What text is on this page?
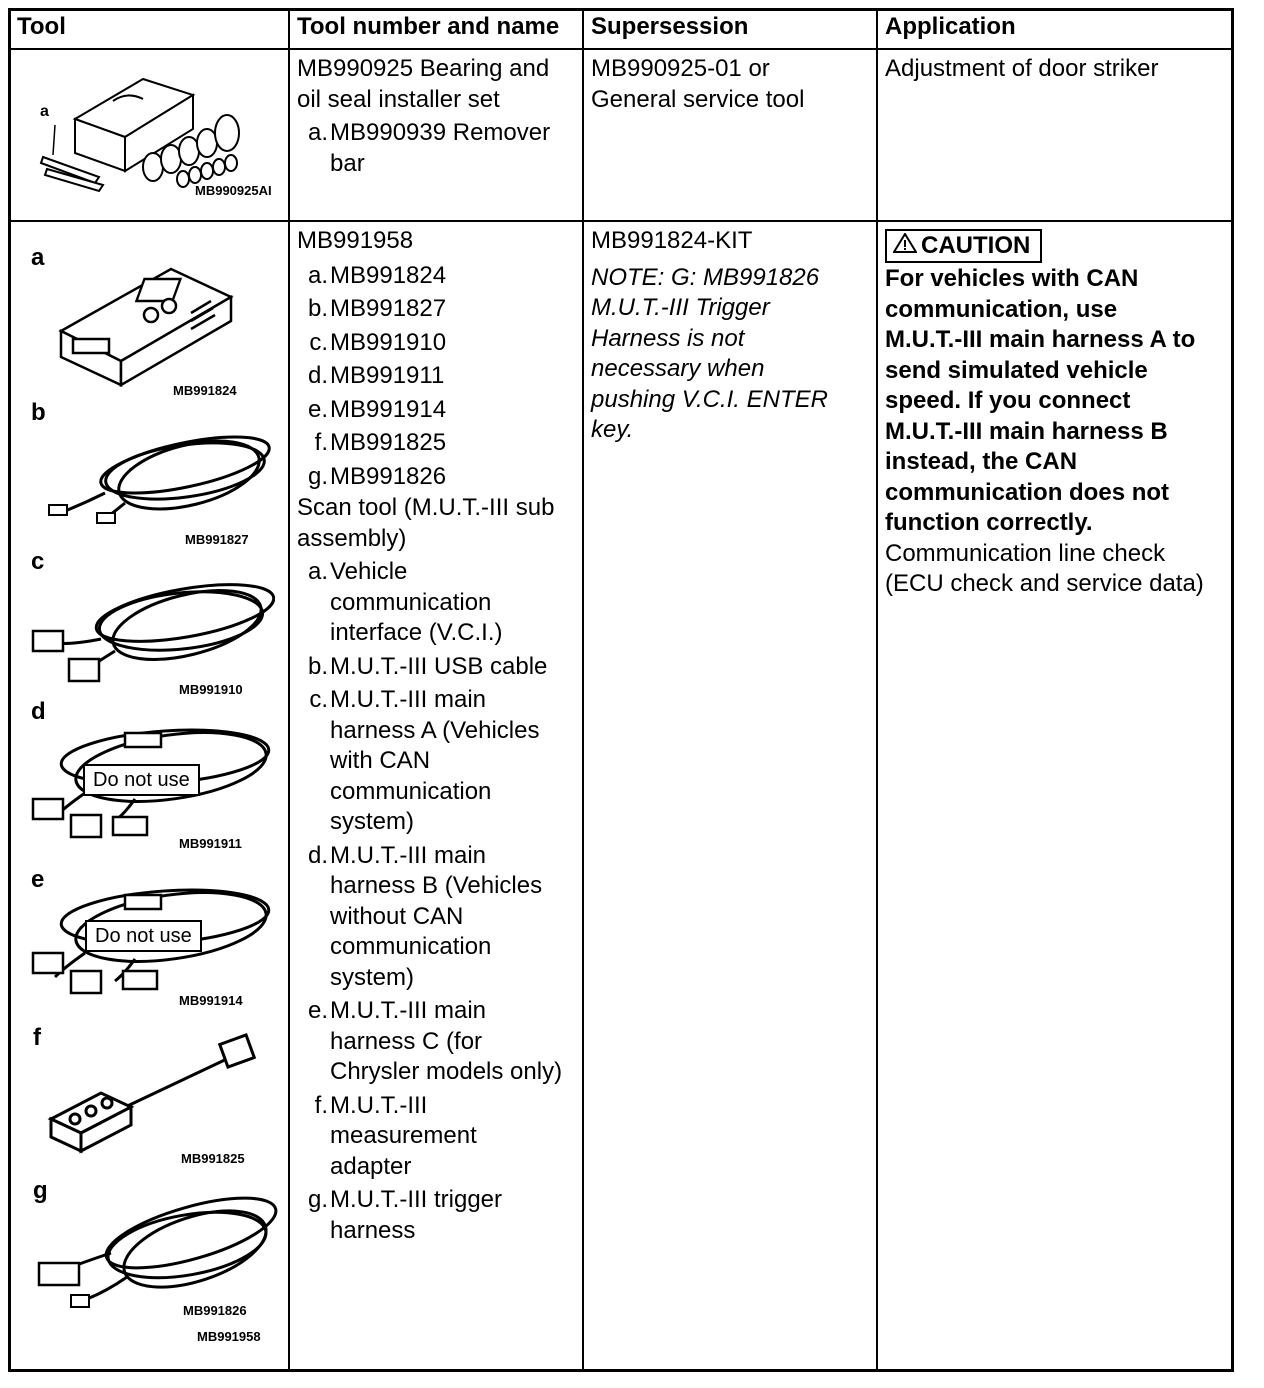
Tool	Tool number and name Supersession	Application
a
MB990925AI
MB990925 Bearing and
oil seal installer set
a. MB990939 Remover bar
MB990925-01 or General service tool
Adjustment of door striker
a
MB991824
b
MB991827
c
MB991910
d
Do not use
MB991911
e
Do not use
MB991914
f
MB991825
g
MB991826
MB991958
MB991958
a. MB991824
b. MB991827
c. MB991910
d. MB991911
e. MB991914
f. MB991825
g. MB991826
Scan tool (M.U.T.-III sub
assembly)
a. Vehicle
communication
interface (V.C.I.)
b. M.U.T.-III USB cable
c. M.U.T.-III main
harness A (Vehicles
with CAN
communication
system)
d. M.U.T.-III main
harness B (Vehicles
without CAN
communication
system)
e. M.U.T.-III main
harness C (for
Chrysler models only)
f. M.U.T.-III
measurement
adapter
g. M.U.T.-III trigger
harness
MB991824-KIT
NOTE: G: MB991826
M.U.T.-III Trigger
Harness is not
necessary when
pushing V.C.I. ENTER
key.
CAUTION
For vehicles with CAN
communication, use
M.U.T.-III main harness A to
send simulated vehicle
speed. If you connect
M.U.T.-III main harness B
instead, the CAN
communication does not
function correctly.
Communication line check
(ECU check and service data)
